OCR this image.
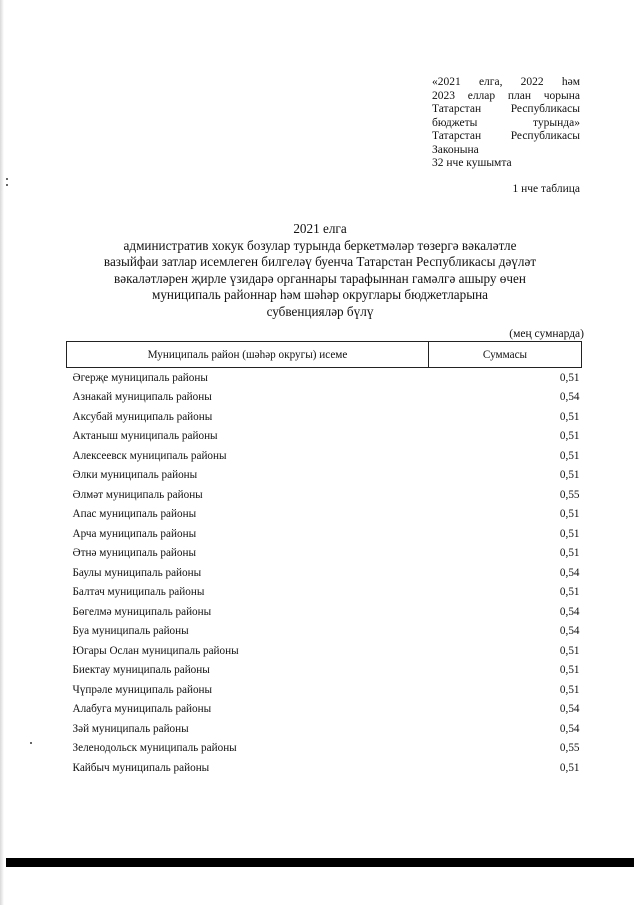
«2021 елга, 2022 һәм
2023 еллар план чорына
Татарстан Республикасы
бюджеты турында»
Татарстан Республикасы
Законына
32 нче кушымта
1 нче таблица
2021 елга
административ хокук бозулар турында беркетмәләр төзергә вәкаләтле
вазыйфаи затлар исемлеген билгеләү буенча Татарстан Республикасы дәүләт
вәкаләтләрен җирле үзидарә органнары тарафыннан гамәлгә ашыру өчен
муниципаль районнар һәм шәһәр округлары бюджетларына
субвенцияләр бүлү
(мең сумнарда)
Муниципаль район (шәһәр округы) исеме	Суммасы
Әгерҗе муниципаль районы	0,51
Азнакай муниципаль районы	0,54
Аксубай муниципаль районы	0,51
Актаныш муниципаль районы	0,51
Алексеевск муниципаль районы	0,51
Әлки муниципаль районы	0,51
Әлмәт муниципаль районы	0,55
Апас муниципаль районы	0,51
Арча муниципаль районы	0,51
Әтнә муниципаль районы	0,51
Баулы муниципаль районы	0,54
Балтач муниципаль районы	0,51
Бөгелмә муниципаль районы	0,54
Буа муниципаль районы	0,54
Югары Ослан муниципаль районы	0,51
Биектау муниципаль районы	0,51
Чүпрәле муниципаль районы	0,51
Алабуга муниципаль районы	0,54
Зәй муниципаль районы	0,54
Зеленодольск муниципаль районы	0,55
Кайбыч муниципаль районы	0,51
